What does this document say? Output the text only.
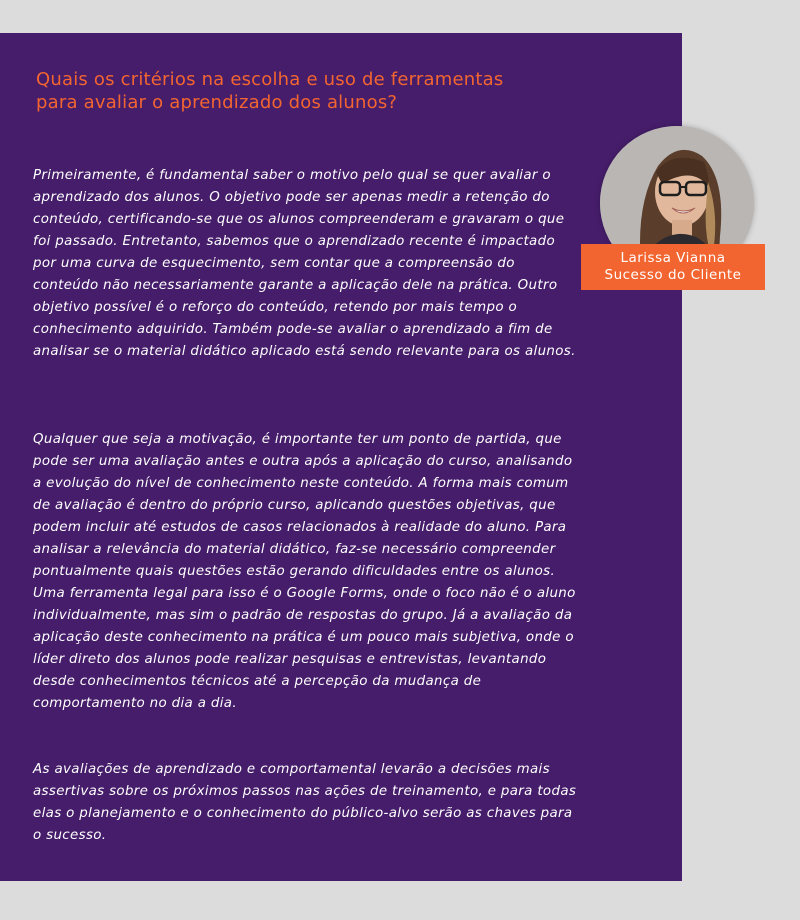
Quais os critérios na escolha e uso de ferramentas para avaliar o aprendizado dos alunos?

Primeiramente, é fundamental saber o motivo pelo qual se quer avaliar o aprendizado dos alunos. O objetivo pode ser apenas medir a retenção do conteúdo, certificando-se que os alunos compreenderam e gravaram o que foi passado. Entretanto, sabemos que o aprendizado recente é impactado por uma curva de esquecimento, sem contar que a compreensão do conteúdo não necessariamente garante a aplicação dele na prática. Outro objetivo possível é o reforço do conteúdo, retendo por mais tempo o conhecimento adquirido. Também pode-se avaliar o aprendizado a fim de analisar se o material didático aplicado está sendo relevante para os alunos.

Qualquer que seja a motivação, é importante ter um ponto de partida, que pode ser uma avaliação antes e outra após a aplicação do curso, analisando a evolução do nível de conhecimento neste conteúdo. A forma mais comum de avaliação é dentro do próprio curso, aplicando questões objetivas, que podem incluir até estudos de casos relacionados à realidade do aluno. Para analisar a relevância do material didático, faz-se necessário compreender pontualmente quais questões estão gerando dificuldades entre os alunos. Uma ferramenta legal para isso é o Google Forms, onde o foco não é o aluno individualmente, mas sim o padrão de respostas do grupo. Já a avaliação da aplicação deste conhecimento na prática é um pouco mais subjetiva, onde o líder direto dos alunos pode realizar pesquisas e entrevistas, levantando desde conhecimentos técnicos até a percepção da mudança de comportamento no dia a dia.

As avaliações de aprendizado e comportamental levarão a decisões mais assertivas sobre os próximos passos nas ações de treinamento, e para todas elas o planejamento e o conhecimento do público-alvo serão as chaves para o sucesso.

Larissa Vianna
Sucesso do Cliente
